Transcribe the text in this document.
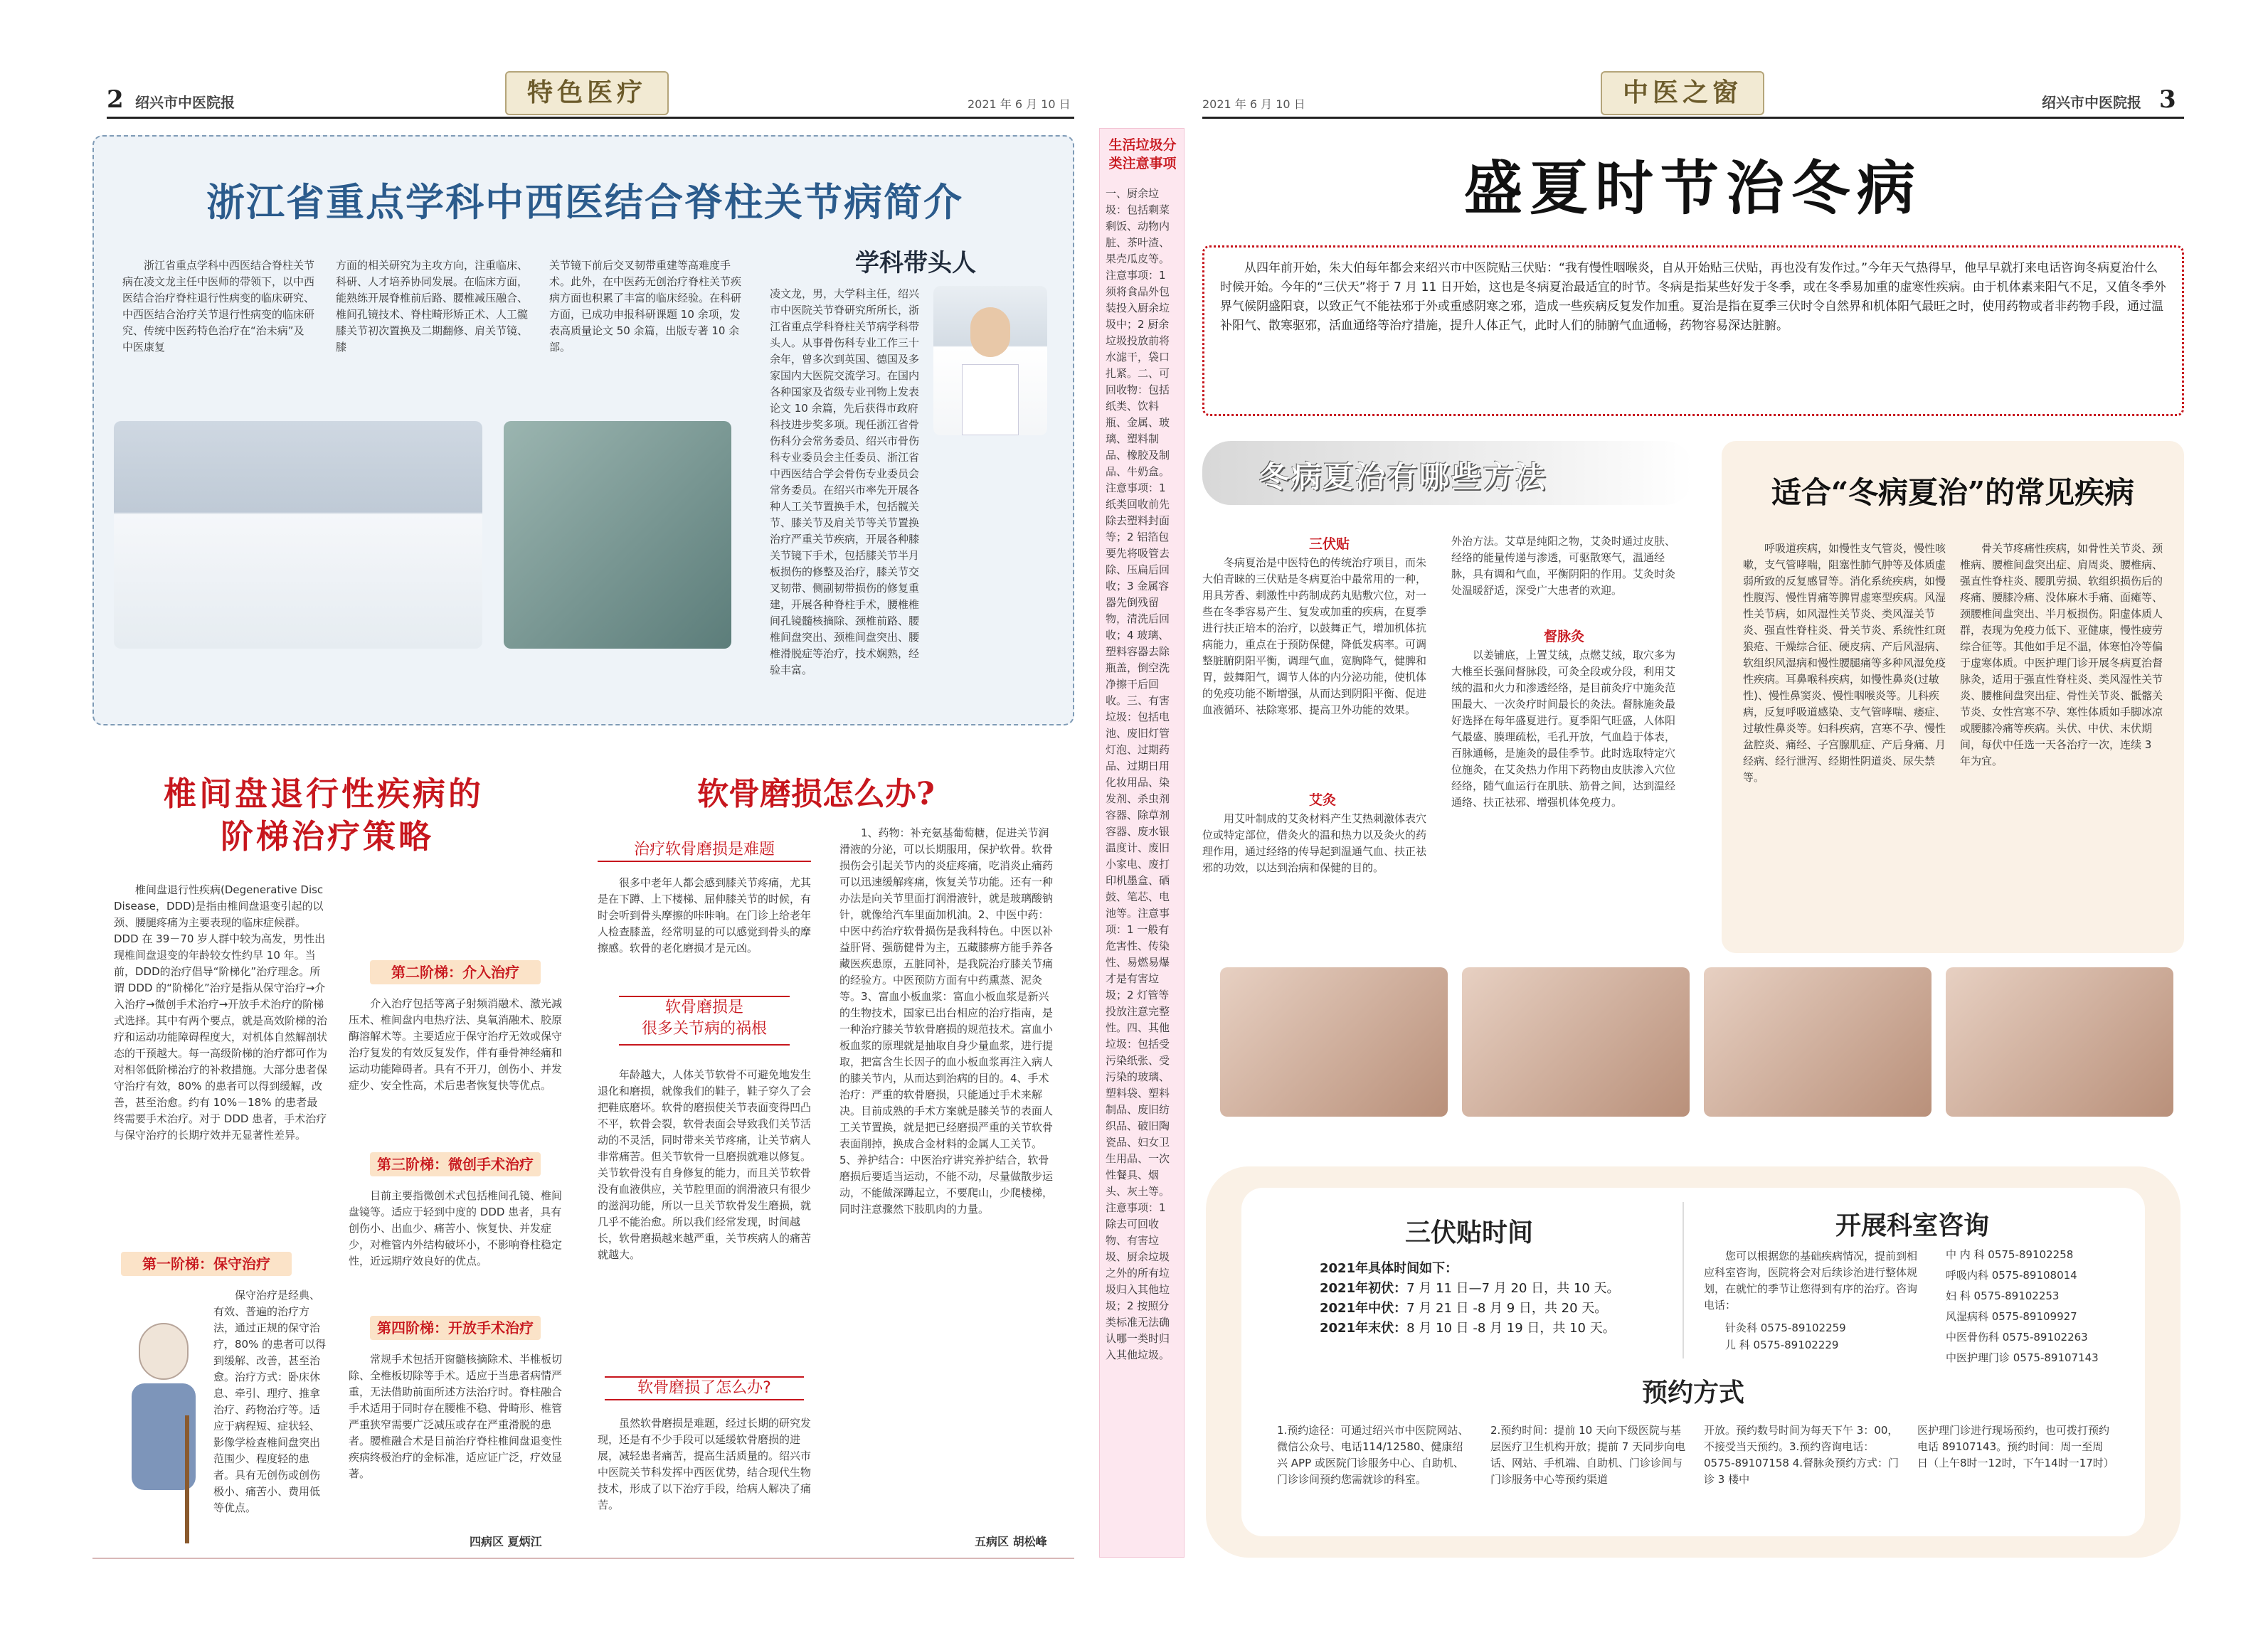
2 绍兴市中医院报	特色医疗	2021 年 6 月 10 日
浙江省重点学科中西医结合脊柱关节病简介
浙江省重点学科中西医结合脊柱关节病在凌文龙主任中医师的带领下，以中西医结合治疗脊柱退行性病变的临床研究、中西医结合治疗关节退行性病变的临床研究、传统中医药特色治疗在“治未病”及中医康复
方面的相关研究为主攻方向，注重临床、科研、人才培养协同发展。在临床方面，能熟练开展脊椎前后路、腰椎减压融合、椎间孔镜技术、脊柱畸形矫正术、人工髋膝关节初次置换及二期翻修、肩关节镜、膝
关节镜下前后交叉韧带重建等高难度手术。此外，在中医药无创治疗脊柱关节疾病方面也积累了丰富的临床经验。在科研方面，已成功申报科研课题 10 余项，发表高质量论文 50 余篇，出版专著 10 余部。
学科带头人
凌文龙，男，大学科主任，绍兴市中医院关节脊研究所所长，浙江省重点学科脊柱关节病学科带头人。从事骨伤科专业工作三十余年，曾多次到英国、德国及多家国内大医院交流学习。在国内各种国家及省级专业刊物上发表论文 10 余篇，先后获得市政府科技进步奖多项。现任浙江省骨伤科分会常务委员、绍兴市骨伤科专业委员会主任委员、浙江省中西医结合学会骨伤专业委员会常务委员。在绍兴市率先开展各种人工关节置换手术，包括髋关节、膝关节及肩关节等关节置换治疗严重关节疾病，开展各种膝关节镜下手术，包括膝关节半月板损伤的修整及治疗，膝关节交叉韧带、侧副韧带损伤的修复重建，开展各种脊柱手术，腰椎椎间孔镜髓核摘除、颈椎前路、腰椎间盘突出、颈椎间盘突出、腰椎滑脱症等治疗，技术娴熟，经验丰富。
椎间盘退行性疾病的
阶梯治疗策略
椎间盘退行性疾病(Degenerative Disc Disease，DDD)是指由椎间盘退变引起的以颈、腰腿疼痛为主要表现的临床症候群。DDD 在 39－70 岁人群中较为高发，男性出现椎间盘退变的年龄较女性约早 10 年。当前，DDD的治疗倡导“阶梯化”治疗理念。所谓 DDD 的“阶梯化”治疗是指从保守治疗→介入治疗→微创手术治疗→开放手术治疗的阶梯式选择。其中有两个要点，就是高效阶梯的治疗和运动功能障碍程度大，对机体自然解剖状态的干预越大。每一高级阶梯的治疗都可作为对相邻低阶梯治疗的补救措施。大部分患者保守治疗有效，80% 的患者可以得到缓解，改善，甚至治愈。约有 10%－18% 的患者最终需要手术治疗。对于 DDD 患者，手术治疗与保守治疗的长期疗效并无显著性差异。
第一阶梯：保守治疗
保守治疗是经典、有效、普遍的治疗方法，通过正规的保守治疗，80% 的患者可以得到缓解、改善，甚至治愈。治疗方式：卧床休息、牵引、理疗、推拿治疗、药物治疗等。适应于病程短、症状轻、影像学检查椎间盘突出范围少、程度轻的患者。具有无创伤或创伤极小、痛苦小、费用低等优点。
第二阶梯：介入治疗
介入治疗包括等离子射频消融术、激光减压术、椎间盘内电热疗法、臭氧消融术、胶原酶溶解术等。主要适应于保守治疗无效或保守治疗复发的有效反复发作，伴有垂骨神经痛和运动功能障碍者。具有不开刀，创伤小、并发症少、安全性高，术后患者恢复快等优点。
第三阶梯：微创手术治疗
目前主要指微创术式包括椎间孔镜、椎间盘镜等。适应于轻到中度的 DDD 患者，具有创伤小、出血少、痛苦小、恢复快、并发症少，对椎管内外结构破坏小，不影响脊柱稳定性，近远期疗效良好的优点。
第四阶梯：开放手术治疗
常规手术包括开窗髓核摘除术、半椎板切除、全椎板切除等手术。适应于当患者病情严重，无法借助前面所述方法治疗时。脊柱融合手术适用于同时存在腰椎不稳、骨畸形、椎管严重狭窄需要广泛减压或存在严重滑脱的患者。腰椎融合术是目前治疗脊柱椎间盘退变性疾病终极治疗的金标准，适应证广泛，疗效显著。
四病区 夏炳江
软骨磨损怎么办?
治疗软骨磨损是难题
很多中老年人都会感到膝关节疼痛，尤其是在下蹲、上下楼梯、屈伸膝关节的时候，有时会听到骨头摩擦的咔咔响。在门诊上给老年人检查膝盖，经常明显的可以感觉到骨头的摩擦感。软骨的老化磨损才是元凶。
软骨磨损是
很多关节病的祸根
年龄越大，人体关节软骨不可避免地发生退化和磨损，就像我们的鞋子，鞋子穿久了会把鞋底磨坏。软骨的磨损使关节表面变得凹凸不平，软骨会裂，软骨表面会导致我们关节活动的不灵活，同时带来关节疼痛，让关节病人非常痛苦。但关节软骨一旦磨损就难以修复。关节软骨没有自身修复的能力，而且关节软骨没有血液供应，关节腔里面的润滑液只有很少的滋润功能，所以一旦关节软骨发生磨损，就几乎不能治愈。所以我们经常发现，时间越长，软骨磨损越来越严重，关节疾病人的痛苦就越大。
软骨磨损了怎么办?
虽然软骨磨损是难题，经过长期的研究发现，还是有不少手段可以延缓软骨磨损的进展，减轻患者痛苦，提高生活质量的。绍兴市中医院关节科发挥中西医优势，结合现代生物技术，形成了以下治疗手段，给病人解决了痛苦。
1、药物：补充氨基葡萄糖，促进关节润滑液的分泌，可以长期服用，保护软骨。软骨损伤会引起关节内的炎症疼痛，吃消炎止痛药可以迅速缓解疼痛，恢复关节功能。还有一种办法是向关节里面打润滑液针，就是玻璃酸钠针，就像给汽车里面加机油。2、中医中药：中医中药治疗软骨损伤是我科特色。中医以补益肝肾、强筋健骨为主，五藏膝痹方能手养各藏医疾患原，五脏同补，是我院治疗膝关节痛的经验方。中医预防方面有中药熏蒸、泥灸等。3、富血小板血浆：富血小板血浆是新兴的生物技术，国家已出台相应的治疗指南，是一种治疗膝关节软骨磨损的规范技术。富血小板血浆的原理就是抽取自身少量血浆，进行提取，把富含生长因子的血小板血浆再注入病人的膝关节内，从而达到治病的目的。4、手术治疗：严重的软骨磨损，只能通过手术来解决。目前成熟的手术方案就是膝关节的表面人工关节置换，就是把已经磨损严重的关节软骨表面削掉，换成合金材料的金属人工关节。5、养护结合：中医治疗讲究养护结合，软骨磨损后要适当运动，不能不动，尽量做散步运动，不能做深蹲起立，不要爬山，少爬楼梯，同时注意骤然下肢肌肉的力量。
五病区 胡松峰
生活垃圾分类注意事项
一、厨余垃圾：包括剩菜剩饭、动物内脏、茶叶渣、果壳瓜皮等。注意事项：1 须将食品外包装投入厨余垃圾中；2 厨余垃圾投放前将水滤干，袋口扎紧。二、可回收物：包括纸类、饮料瓶、金属、玻璃、塑料制品、橡胶及制品、牛奶盒。注意事项：1 纸类回收前先除去塑料封面等；2 铝箔包要先将吸管去除、压扁后回收；3 金属容器先倒残留物，清洗后回收；4 玻璃、塑料容器去除瓶盖，倒空洗净擦干后回收。三、有害垃圾：包括电池、废旧灯管灯泡、过期药品、过期日用化妆用品、染发剂、杀虫剂容器、除草剂容器、废水银温度计、废旧小家电、废打印机墨盒、硒鼓、笔芯、电池等。注意事项：1 一般有危害性、传染性、易燃易爆才是有害垃圾；2 灯管等投放注意完整性。四、其他垃圾：包括受污染纸张、受污染的玻璃、塑料袋、塑料制品、废旧纺织品、破旧陶瓷品、妇女卫生用品、一次性餐具、烟头、灰土等。注意事项：1 除去可回收物、有害垃圾、厨余垃圾之外的所有垃圾归入其他垃圾；2 按照分类标准无法确认哪一类时归入其他垃圾。
2021 年 6 月 10 日	中医之窗	绍兴市中医院报 3
盛夏时节治冬病
从四年前开始，朱大伯每年都会来绍兴市中医院贴三伏贴：“我有慢性咽喉炎，自从开始贴三伏贴，再也没有发作过。”今年天气热得早，他早早就打来电话咨询冬病夏治什么时候开始。今年的“三伏天”将于 7 月 11 日开始，这也是冬病夏治最适宜的时节。冬病是指某些好发于冬季，或在冬季易加重的虚寒性疾病。由于机体素来阳气不足，又值冬季外界气候阴盛阳衰，以致正气不能祛邪于外或重感阴寒之邪，造成一些疾病反复发作加重。夏治是指在夏季三伏时令自然界和机体阳气最旺之时，使用药物或者非药物手段，通过温补阳气、散寒驱邪，活血通络等治疗措施，提升人体正气，此时人们的肺腑气血通畅，药物容易深达脏腑。
冬病夏治有哪些方法
三伏贴
冬病夏治是中医特色的传统治疗项目，而朱大伯青睐的三伏贴是冬病夏治中最常用的一种，用具芳香、刺激性中药制成药丸贴敷穴位，对一些在冬季容易产生、复发或加重的疾病，在夏季进行扶正培本的治疗，以鼓舞正气，增加机体抗病能力，重点在于预防保健，降低发病率。可调整脏腑阴阳平衡，调理气血，宽胸降气，健脾和胃，鼓舞阳气，调节人体的内分泌功能，使机体的免疫功能不断增强，从而达到阴阳平衡、促进血液循环、祛除寒邪、提高卫外功能的效果。
艾灸
用艾叶制成的艾灸材料产生艾热刺激体表穴位或特定部位，借灸火的温和热力以及灸火的药理作用，通过经络的传导起到温通气血、扶正祛邪的功效，以达到治病和保健的目的。
外治方法。艾草是纯阳之物，艾灸时通过皮肤、经络的能量传递与渗透，可驱散寒气，温通经脉，具有调和气血，平衡阴阳的作用。艾灸时灸处温暖舒适，深受广大患者的欢迎。
督脉灸
以姜铺底，上置艾绒，点燃艾绒，取穴多为大椎至长强间督脉段，可灸全段或分段，利用艾绒的温和火力和渗透经络，是目前灸疗中施灸范围最大、一次灸疗时间最长的灸法。督脉施灸最好选择在每年盛夏进行。夏季阳气旺盛，人体阳气最盛、腠理疏松，毛孔开放，气血趋于体表，百脉通畅，是施灸的最佳季节。此时选取特定穴位施灸，在艾灸热力作用下药物由皮肤渗入穴位经络，随气血运行在肌肤、筋骨之间，达到温经通络、扶正祛邪、增强机体免疫力。
适合“冬病夏治”的常见疾病
呼吸道疾病，如慢性支气管炎，慢性咳嗽，支气管哮喘，阻塞性肺气肿等及体质虚弱所致的反复感冒等。消化系统疾病，如慢性腹泻、慢性胃痛等脾胃虚寒型疾病。风湿性关节病，如风湿性关节炎、类风湿关节炎、强直性脊柱炎、骨关节炎、系统性红斑狼疮、干燥综合征、硬皮病、产后风湿病、软组织风湿病和慢性腰腿痛等多种风湿免疫性疾病。耳鼻喉科疾病，如慢性鼻炎(过敏性)、慢性鼻窦炎、慢性咽喉炎等。儿科疾病，反复呼吸道感染、支气管哮喘、痿症、过敏性鼻炎等。妇科疾病，宫寒不孕、慢性盆腔炎、痛经、子宫腺肌症、产后身痛、月经病、经行泄泻、经期性阴道炎、尿失禁等。
骨关节疼痛性疾病，如骨性关节炎、颈椎病、腰椎间盘突出症、肩周炎、腰椎病、强直性脊柱炎、腰肌劳损、软组织损伤后的疼痛、腰膝冷痛、没体麻木手痛、面瘫等、颈腰椎间盘突出、半月板损伤。阳虚体质人群，表现为免疫力低下、亚健康，慢性疲劳综合征等。其他如手足不温，体寒怕冷等偏于虚寒体质。中医护理门诊开展冬病夏治督脉灸，适用于强直性脊柱炎、类风湿性关节炎、腰椎间盘突出症、骨性关节炎、骶髂关节炎、女性宫寒不孕、寒性体质如手脚冰凉或腰膝冷痛等疾病。头伏、中伏、末伏期间，每伏中任选一天各治疗一次，连续 3 年为宜。
三伏贴时间
2021年具体时间如下：
2021年初伏：7 月 11 日—7 月 20 日，共 10 天。
2021年中伏：7 月 21 日 -8 月 9 日，共 20 天。
2021年末伏：8 月 10 日 -8 月 19 日，共 10 天。
开展科室咨询
您可以根据您的基础疾病情况，提前到相应科室咨询，医院将会对后续诊治进行整体规划，在就忙的季节让您得到有序的治疗。咨询电话：
针灸科 0575-89102259
儿 科 0575-89102229
中 内 科 0575-89102258
呼吸内科 0575-89108014
妇 科 0575-89102253
风湿病科 0575-89109927
中医骨伤科 0575-89102263
中医护理门诊 0575-89107143
预约方式
1.预约途径：可通过绍兴市中医院网站、微信公众号、电话114/12580、健康绍兴 APP 或医院门诊服务中心、自助机、门诊诊间预约您需就诊的科室。
2.预约时间：提前 10 天向下级医院与基层医疗卫生机构开放；提前 7 天同步向电话、网站、手机端、自助机、门诊诊间与门诊服务中心等预约渠道
开放。预约数号时间为每天下午 3：00，不接受当天预约。3.预约咨询电话：0575-89107158 4.督脉灸预约方式：门诊 3 楼中
医护理门诊进行现场预约，也可拨打预约电话 89107143。预约时间：周一至周日（上午8时一12时，下午14时一17时）
